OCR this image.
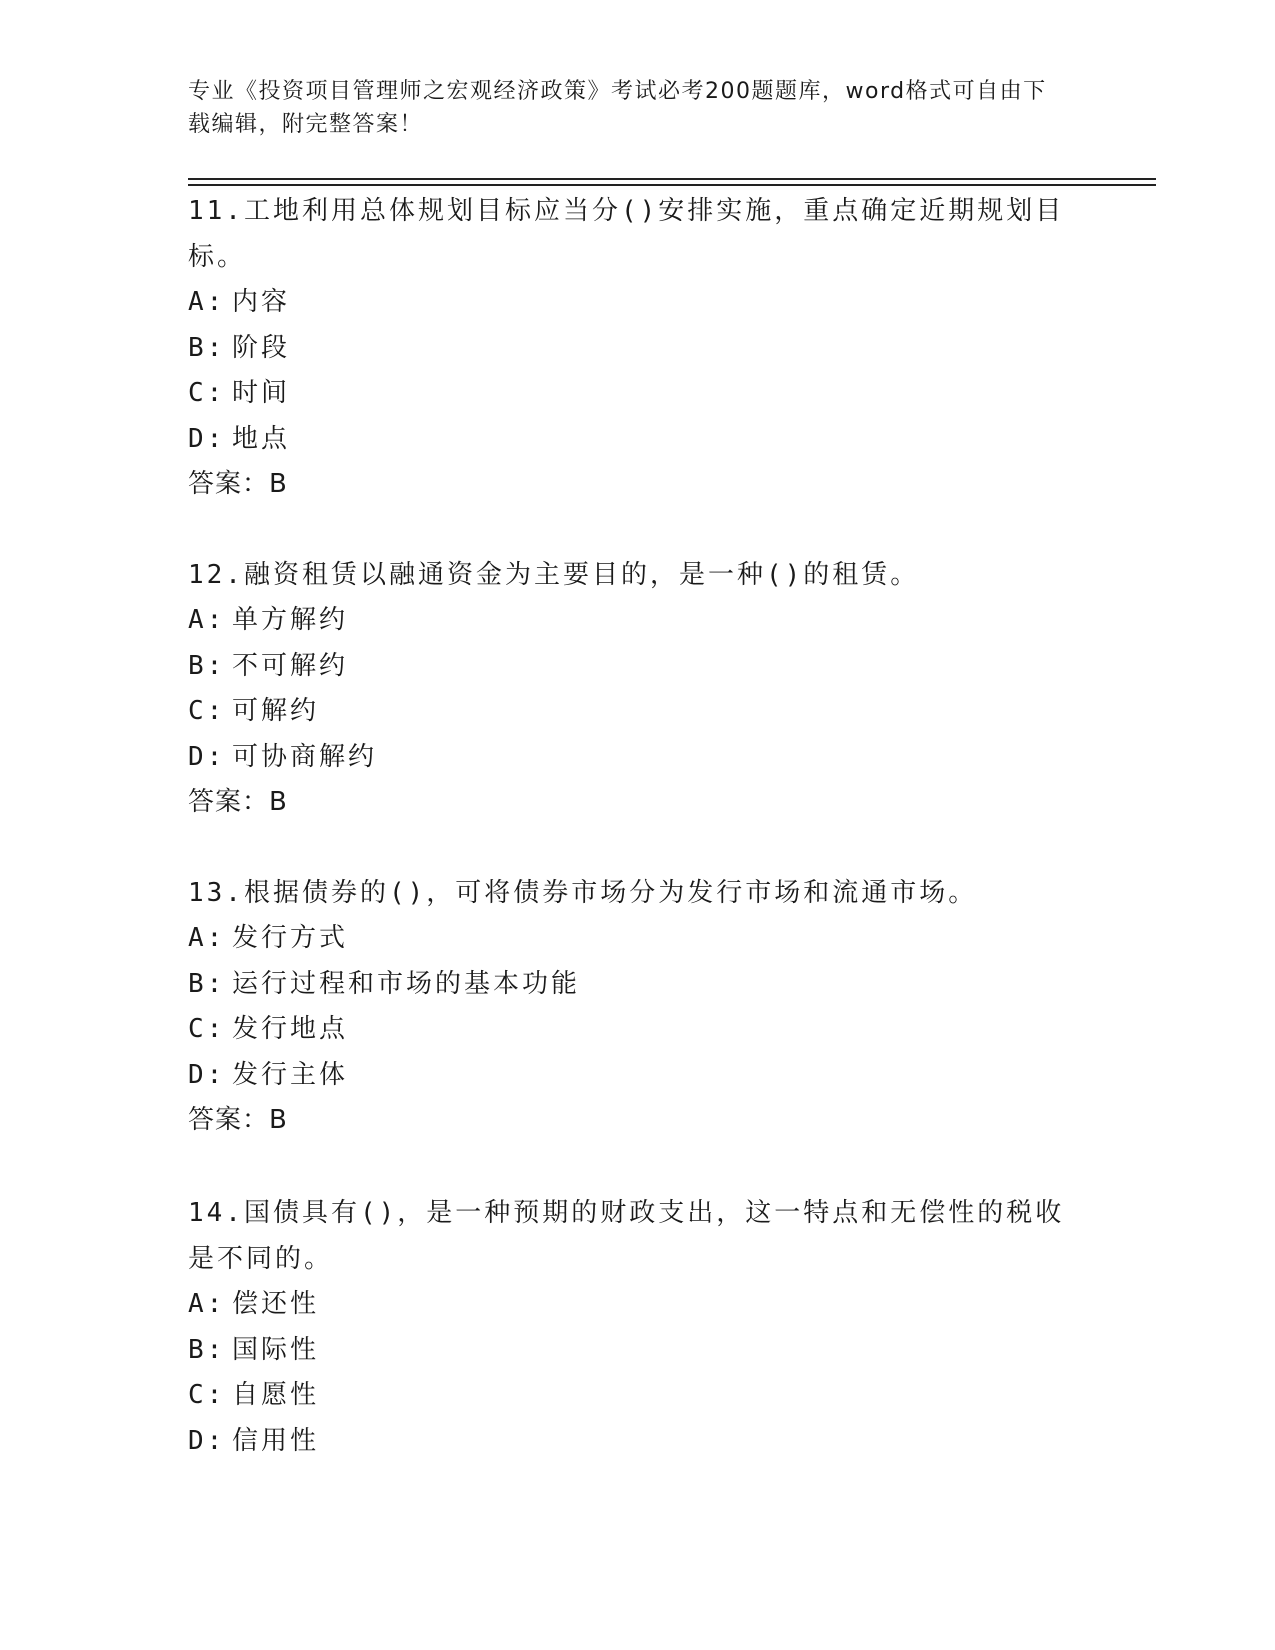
专业《投资项目管理师之宏观经济政策》考试必考200题题库，word格式可自由下载编辑，附完整答案！

11.工地利用总体规划目标应当分()安排实施，重点确定近期规划目标。

A: 内容
B: 阶段
C: 时间
D: 地点
答案：B

12.融资租赁以融通资金为主要目的，是一种()的租赁。

A: 单方解约
B: 不可解约
C: 可解约
D: 可协商解约
答案：B

13.根据债券的()，可将债券市场分为发行市场和流通市场。

A: 发行方式
B: 运行过程和市场的基本功能
C: 发行地点
D: 发行主体
答案：B

14.国债具有()，是一种预期的财政支出，这一特点和无偿性的税收是不同的。

A: 偿还性
B: 国际性
C: 自愿性
D: 信用性
